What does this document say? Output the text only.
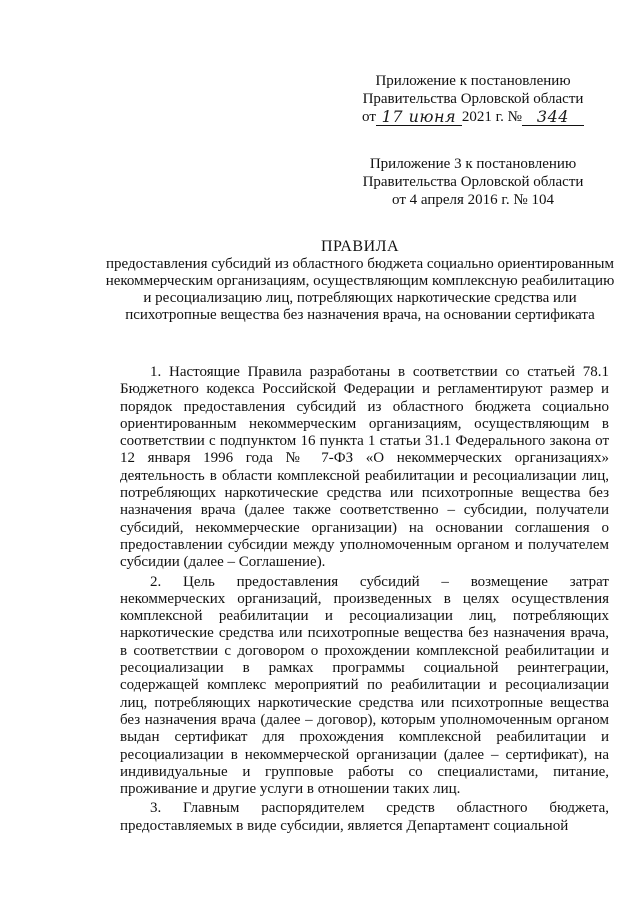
Приложение к постановлению
Правительства Орловской области
от 17 июня 2021 г. № 344
Приложение 3 к постановлению
Правительства Орловской области
от 4 апреля 2016 г. № 104
ПРАВИЛА
предоставления субсидий из областного бюджета социально ориентированным некоммерческим организациям, осуществляющим комплексную реабилитацию и ресоциализацию лиц, потребляющих наркотические средства или психотропные вещества без назначения врача, на основании сертификата

1. Настоящие Правила разработаны в соответствии со статьей 78.1 Бюджетного кодекса Российской Федерации и регламентируют размер и порядок предоставления субсидий из областного бюджета социально ориентированным некоммерческим организациям, осуществляющим в соответствии с подпунктом 16 пункта 1 статьи 31.1 Федерального закона от 12 января 1996 года № 7-ФЗ «О некоммерческих организациях» деятельность в области комплексной реабилитации и ресоциализации лиц, потребляющих наркотические средства или психотропные вещества без назначения врача (далее также соответственно – субсидии, получатели субсидий, некоммерческие организации) на основании соглашения о предоставлении субсидии между уполномоченным органом и получателем субсидии (далее – Соглашение).

2. Цель предоставления субсидий – возмещение затрат некоммерческих организаций, произведенных в целях осуществления комплексной реабилитации и ресоциализации лиц, потребляющих наркотические средства или психотропные вещества без назначения врача, в соответствии с договором о прохождении комплексной реабилитации и ресоциализации в рамках программы социальной реинтеграции, содержащей комплекс мероприятий по реабилитации и ресоциализации лиц, потребляющих наркотические средства или психотропные вещества без назначения врача (далее – договор), которым уполномоченным органом выдан сертификат для прохождения комплексной реабилитации и ресоциализации в некоммерческой организации (далее – сертификат), на индивидуальные и групповые работы со специалистами, питание, проживание и другие услуги в отношении таких лиц.

3. Главным распорядителем средств областного бюджета, предоставляемых в виде субсидии, является Департамент социальной
